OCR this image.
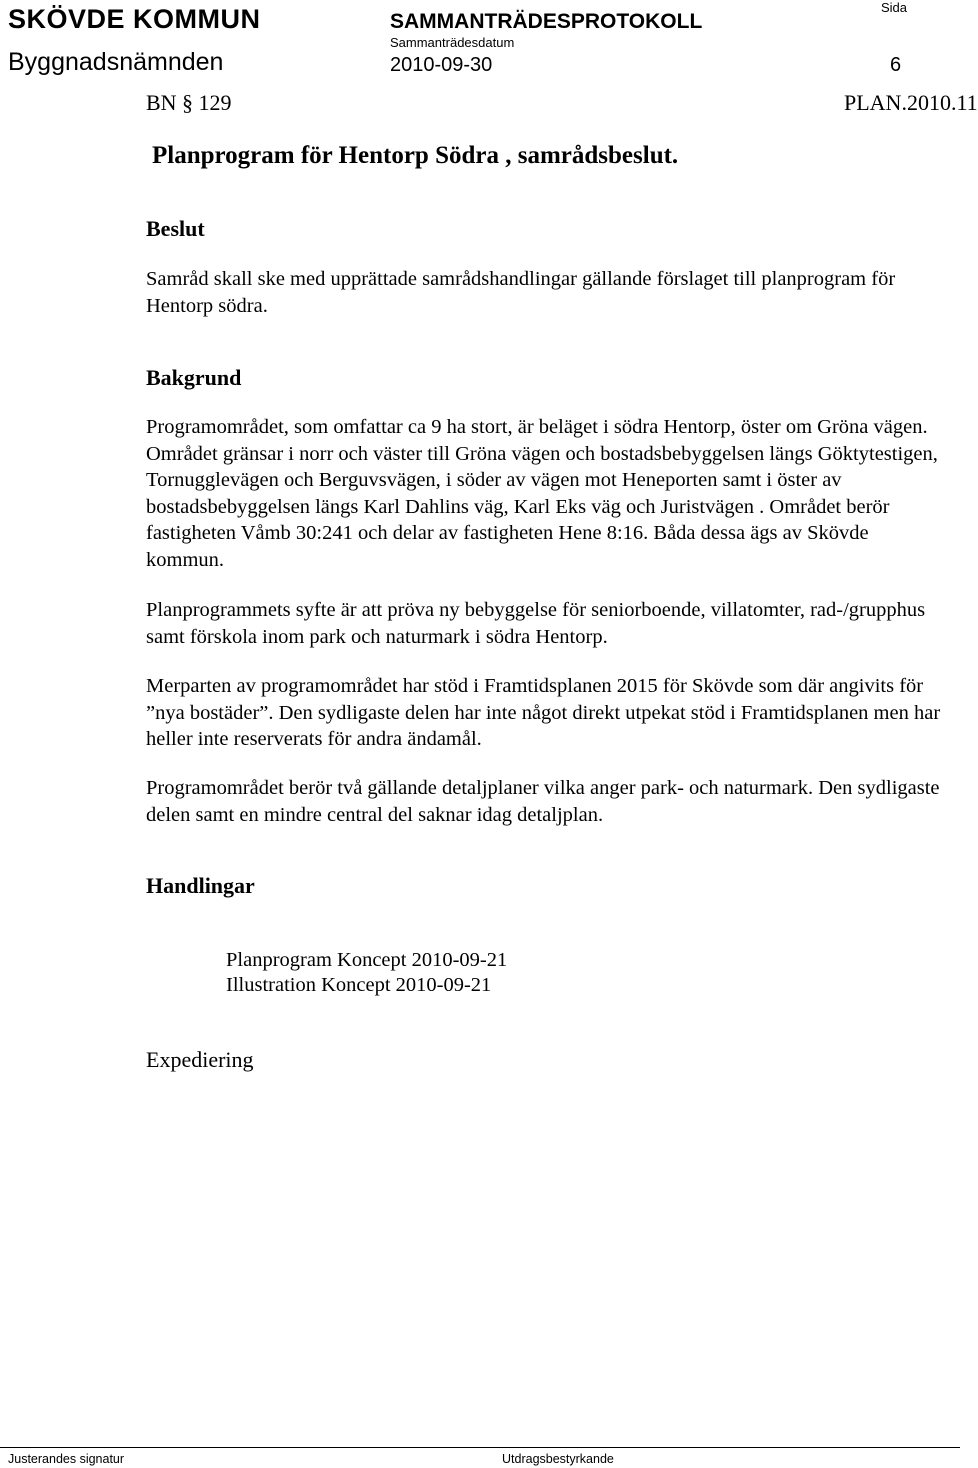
SKÖVDE KOMMUN
Byggnadsnämnden
SAMMANTRÄDESPROTOKOLL
Sammanträdesdatum
2010-09-30
Sida
6
BN § 129	PLAN.2010.11
Planprogram för Hentorp Södra , samrådsbeslut.
Beslut
Samråd skall ske med upprättade samrådshandlingar gällande förslaget till planprogram för Hentorp södra.
Bakgrund
Programområdet, som omfattar ca 9 ha stort, är beläget i södra Hentorp, öster om Gröna vägen. Området gränsar i norr och väster till Gröna vägen och bostadsbebyggelsen längs Göktytestigen, Tornugglevägen och Berguvsvägen, i söder av vägen mot Heneporten samt i öster av bostadsbebyggelsen längs Karl Dahlins väg, Karl Eks väg och Juristvägen . Området berör fastigheten Våmb 30:241 och delar av fastigheten Hene 8:16. Båda dessa ägs av Skövde kommun.
Planprogrammets syfte är att pröva ny bebyggelse för seniorboende, villatomter, rad-/grupphus samt förskola inom park och naturmark i södra Hentorp.
Merparten av programområdet har stöd i Framtidsplanen 2015 för Skövde som där angivits för ”nya bostäder”. Den sydligaste delen har inte något direkt utpekat stöd i Framtidsplanen men har heller inte reserverats för andra ändamål.
Programområdet berör två gällande detaljplaner vilka anger park- och naturmark. Den sydligaste delen samt en mindre central del saknar idag detaljplan.
Handlingar
Planprogram Koncept 2010-09-21
Illustration Koncept 2010-09-21
Expediering
Justerandes signatur	Utdragsbestyrkande
